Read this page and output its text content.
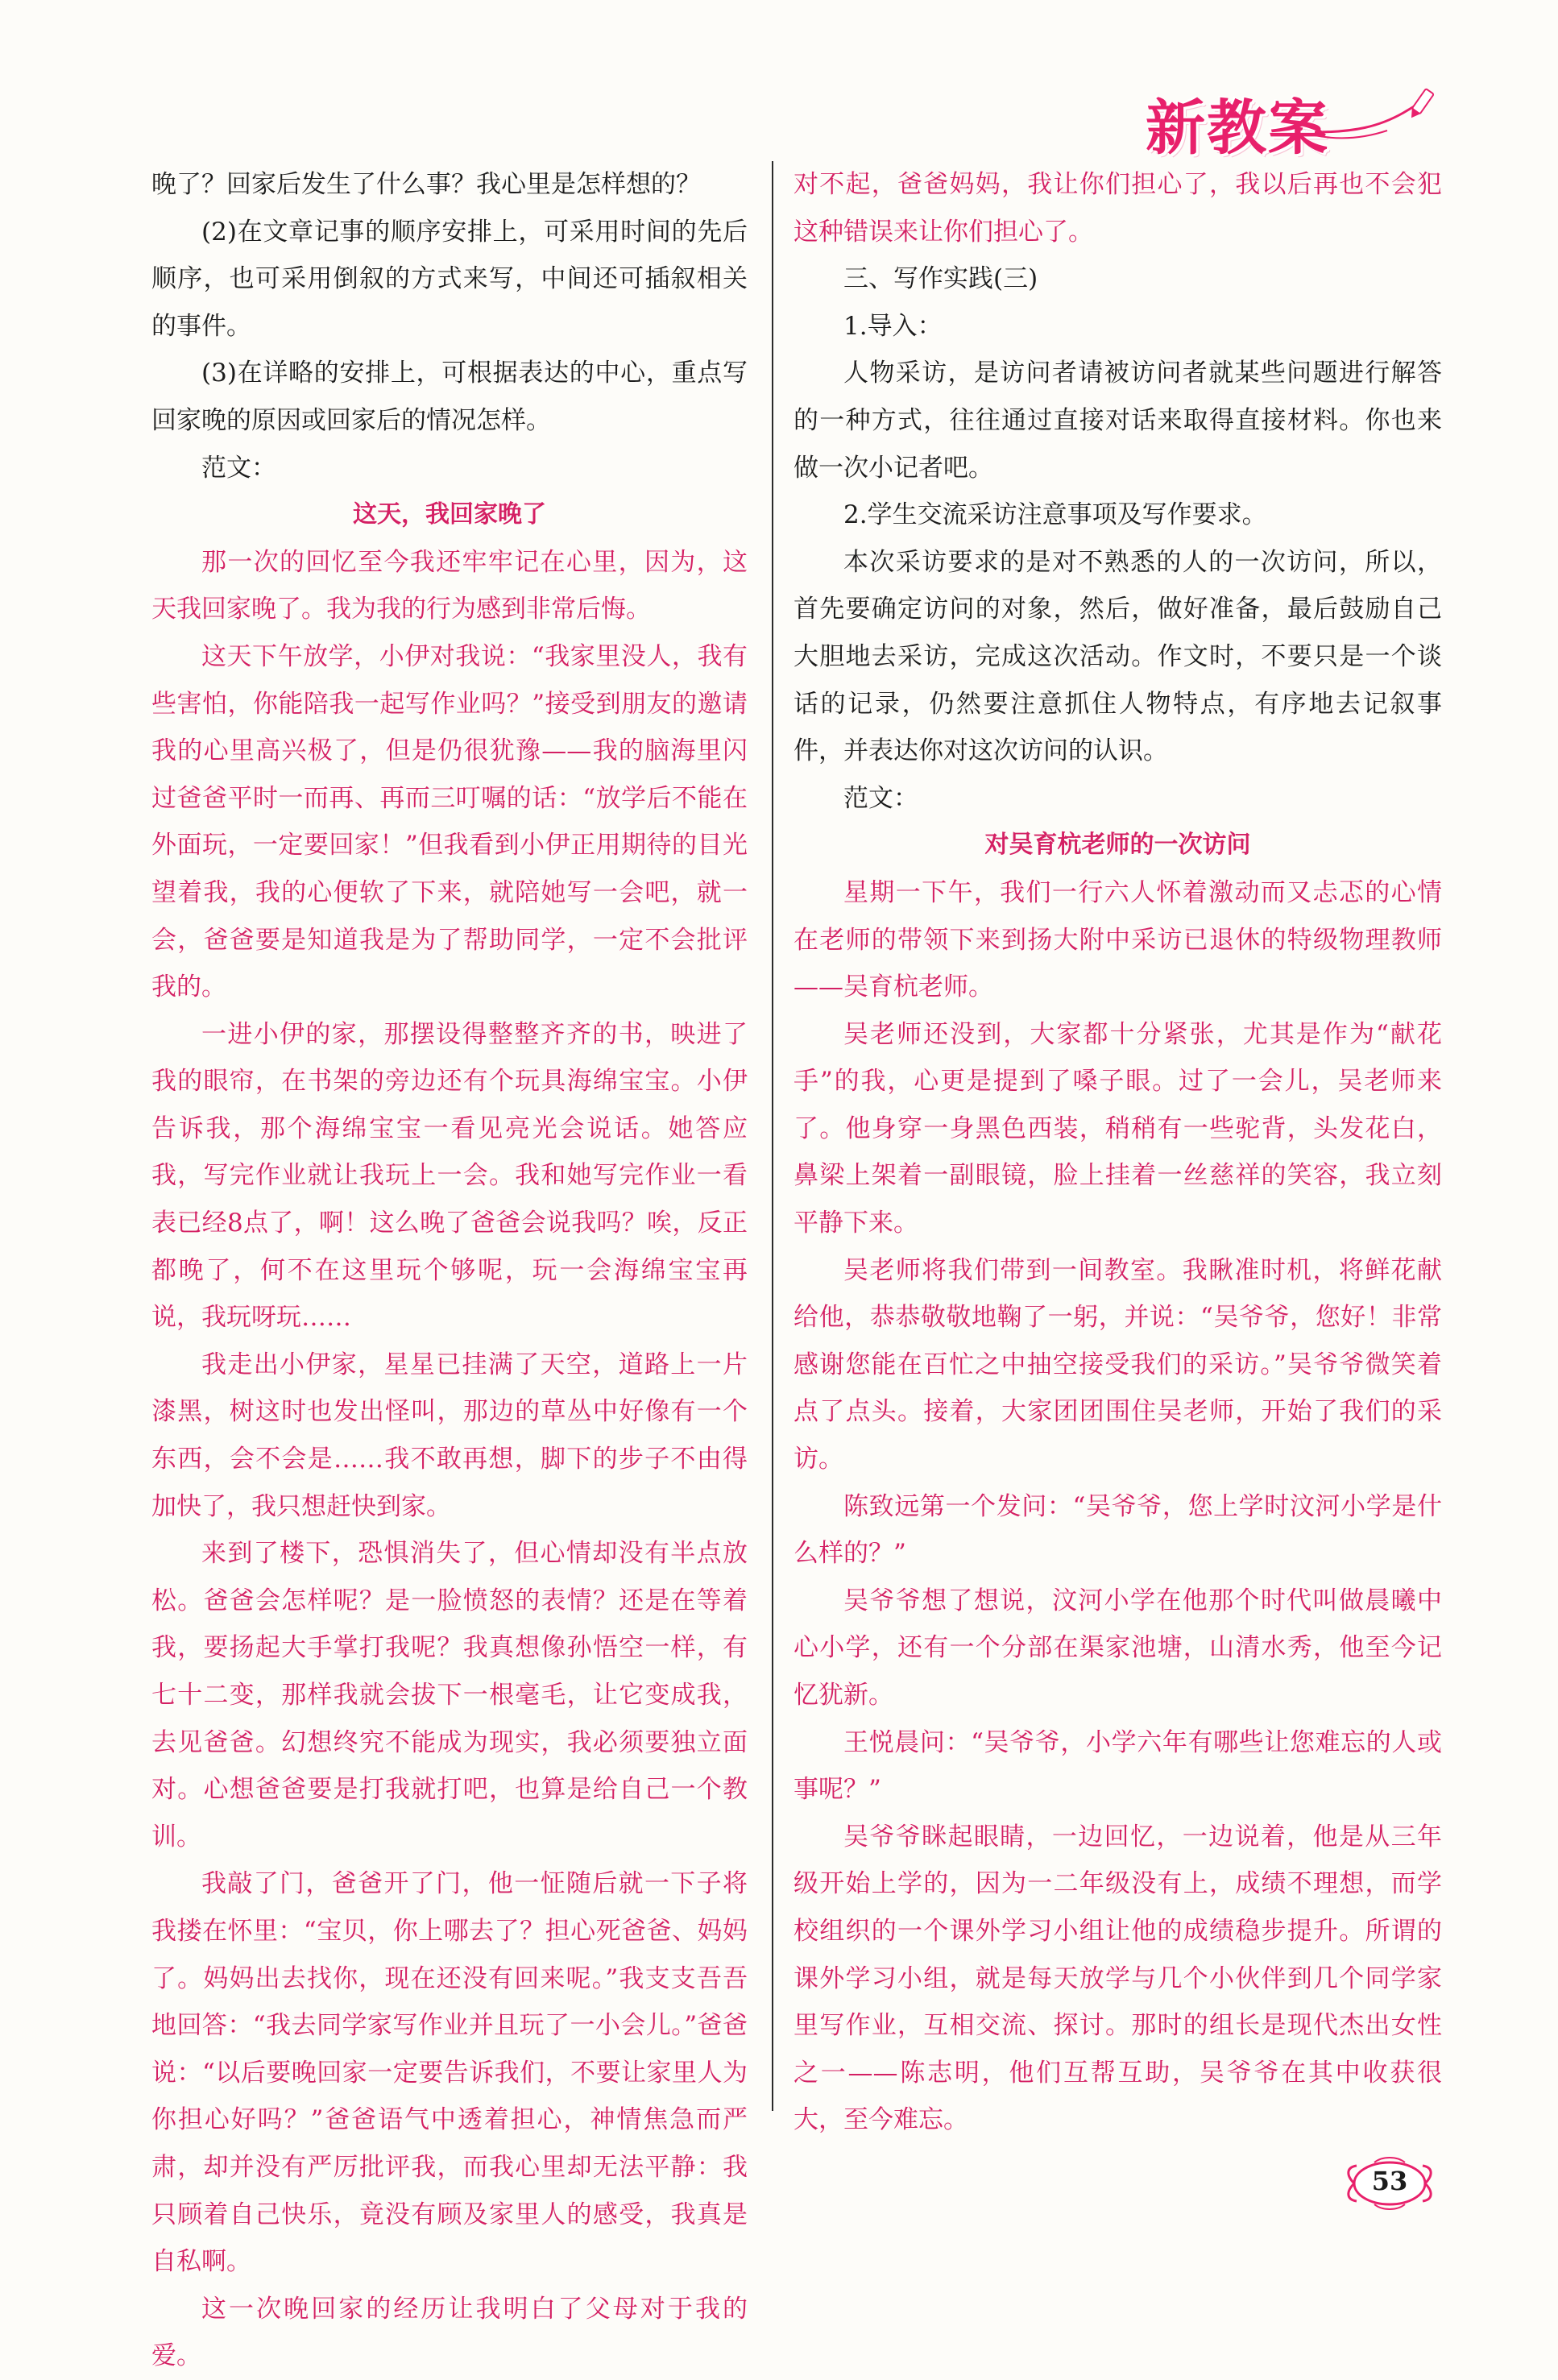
新教案

晚了？回家后发生了什么事？我心里是怎样想的？

(2)在文章记事的顺序安排上，可采用时间的先后顺序，也可采用倒叙的方式来写，中间还可插叙相关的事件。

(3)在详略的安排上，可根据表达的中心，重点写回家晚的原因或回家后的情况怎样。

范文：

这天，我回家晚了

那一次的回忆至今我还牢牢记在心里，因为，这天我回家晚了。我为我的行为感到非常后悔。

这天下午放学，小伊对我说：“我家里没人，我有些害怕，你能陪我一起写作业吗？”接受到朋友的邀请我的心里高兴极了，但是仍很犹豫——我的脑海里闪过爸爸平时一而再、再而三叮嘱的话：“放学后不能在外面玩，一定要回家！”但我看到小伊正用期待的目光望着我，我的心便软了下来，就陪她写一会吧，就一会，爸爸要是知道我是为了帮助同学，一定不会批评我的。

一进小伊的家，那摆设得整整齐齐的书，映进了我的眼帘，在书架的旁边还有个玩具海绵宝宝。小伊告诉我，那个海绵宝宝一看见亮光会说话。她答应我，写完作业就让我玩上一会。我和她写完作业一看表已经8点了，啊！这么晚了爸爸会说我吗？唉，反正都晚了，何不在这里玩个够呢，玩一会海绵宝宝再说，我玩呀玩……

我走出小伊家，星星已挂满了天空，道路上一片漆黑，树这时也发出怪叫，那边的草丛中好像有一个东西，会不会是……我不敢再想，脚下的步子不由得加快了，我只想赶快到家。

来到了楼下，恐惧消失了，但心情却没有半点放松。爸爸会怎样呢？是一脸愤怒的表情？还是在等着我，要扬起大手掌打我呢？我真想像孙悟空一样，有七十二变，那样我就会拔下一根毫毛，让它变成我，去见爸爸。幻想终究不能成为现实，我必须要独立面对。心想爸爸要是打我就打吧，也算是给自己一个教训。

我敲了门，爸爸开了门，他一怔随后就一下子将我搂在怀里：“宝贝，你上哪去了？担心死爸爸、妈妈了。妈妈出去找你，现在还没有回来呢。”我支支吾吾地回答：“我去同学家写作业并且玩了一小会儿。”爸爸说：“以后要晚回家一定要告诉我们，不要让家里人为你担心好吗？”爸爸语气中透着担心，神情焦急而严肃，却并没有严厉批评我，而我心里却无法平静：我只顾着自己快乐，竟没有顾及家里人的感受，我真是自私啊。

这一次晚回家的经历让我明白了父母对于我的爱。

对不起，爸爸妈妈，我让你们担心了，我以后再也不会犯这种错误来让你们担心了。

三、写作实践(三)

1.导入：

人物采访，是访问者请被访问者就某些问题进行解答的一种方式，往往通过直接对话来取得直接材料。你也来做一次小记者吧。

2.学生交流采访注意事项及写作要求。

本次采访要求的是对不熟悉的人的一次访问，所以，首先要确定访问的对象，然后，做好准备，最后鼓励自己大胆地去采访，完成这次活动。作文时，不要只是一个谈话的记录，仍然要注意抓住人物特点，有序地去记叙事件，并表达你对这次访问的认识。

范文：

对吴育杭老师的一次访问

星期一下午，我们一行六人怀着激动而又忐忑的心情在老师的带领下来到扬大附中采访已退休的特级物理教师——吴育杭老师。

吴老师还没到，大家都十分紧张，尤其是作为“献花手”的我，心更是提到了嗓子眼。过了一会儿，吴老师来了。他身穿一身黑色西装，稍稍有一些驼背，头发花白，鼻梁上架着一副眼镜，脸上挂着一丝慈祥的笑容，我立刻平静下来。

吴老师将我们带到一间教室。我瞅准时机，将鲜花献给他，恭恭敬敬地鞠了一躬，并说：“吴爷爷，您好！非常感谢您能在百忙之中抽空接受我们的采访。”吴爷爷微笑着点了点头。接着，大家团团围住吴老师，开始了我们的采访。

陈致远第一个发问：“吴爷爷，您上学时汶河小学是什么样的？”

吴爷爷想了想说，汶河小学在他那个时代叫做晨曦中心小学，还有一个分部在渠家池塘，山清水秀，他至今记忆犹新。

王悦晨问：“吴爷爷，小学六年有哪些让您难忘的人或事呢？”

吴爷爷眯起眼睛，一边回忆，一边说着，他是从三年级开始上学的，因为一二年级没有上，成绩不理想，而学校组织的一个课外学习小组让他的成绩稳步提升。所谓的课外学习小组，就是每天放学与几个小伙伴到几个同学家里写作业，互相交流、探讨。那时的组长是现代杰出女性之一——陈志明，他们互帮互助，吴爷爷在其中收获很大，至今难忘。

53
